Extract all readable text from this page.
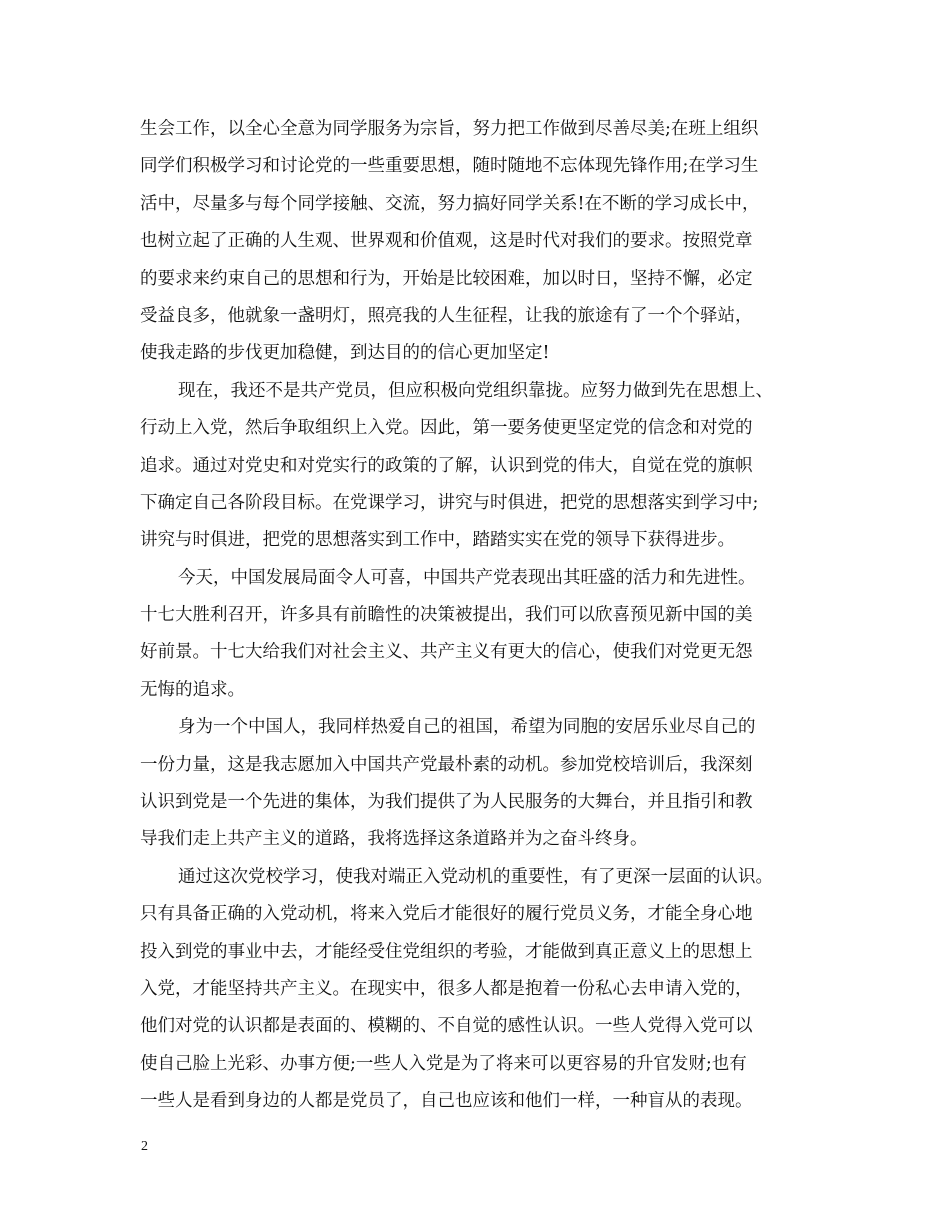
生会工作，以全心全意为同学服务为宗旨，努力把工作做到尽善尽美;在班上组织
同学们积极学习和讨论党的一些重要思想，随时随地不忘体现先锋作用;在学习生
活中，尽量多与每个同学接触、交流，努力搞好同学关系!在不断的学习成长中，
也树立起了正确的人生观、世界观和价值观，这是时代对我们的要求。按照党章
的要求来约束自己的思想和行为，开始是比较困难，加以时日，坚持不懈，必定
受益良多，他就象一盏明灯，照亮我的人生征程，让我的旅途有了一个个驿站，
使我走路的步伐更加稳健，到达目的的信心更加坚定!
现在，我还不是共产党员，但应积极向党组织靠拢。应努力做到先在思想上、
行动上入党，然后争取组织上入党。因此，第一要务使更坚定党的信念和对党的
追求。通过对党史和对党实行的政策的了解，认识到党的伟大，自觉在党的旗帜
下确定自己各阶段目标。在党课学习，讲究与时俱进，把党的思想落实到学习中;
讲究与时俱进，把党的思想落实到工作中，踏踏实实在党的领导下获得进步。
今天，中国发展局面令人可喜，中国共产党表现出其旺盛的活力和先进性。
十七大胜利召开，许多具有前瞻性的决策被提出，我们可以欣喜预见新中国的美
好前景。十七大给我们对社会主义、共产主义有更大的信心，使我们对党更无怨
无悔的追求。
身为一个中国人，我同样热爱自己的祖国，希望为同胞的安居乐业尽自己的
一份力量，这是我志愿加入中国共产党最朴素的动机。参加党校培训后，我深刻
认识到党是一个先进的集体，为我们提供了为人民服务的大舞台，并且指引和教
导我们走上共产主义的道路，我将选择这条道路并为之奋斗终身。
通过这次党校学习，使我对端正入党动机的重要性，有了更深一层面的认识。
只有具备正确的入党动机，将来入党后才能很好的履行党员义务，才能全身心地
投入到党的事业中去，才能经受住党组织的考验，才能做到真正意义上的思想上
入党，才能坚持共产主义。在现实中，很多人都是抱着一份私心去申请入党的，
他们对党的认识都是表面的、模糊的、不自觉的感性认识。一些人党得入党可以
使自己脸上光彩、办事方便;一些人入党是为了将来可以更容易的升官发财;也有
一些人是看到身边的人都是党员了，自己也应该和他们一样，一种盲从的表现。
2
